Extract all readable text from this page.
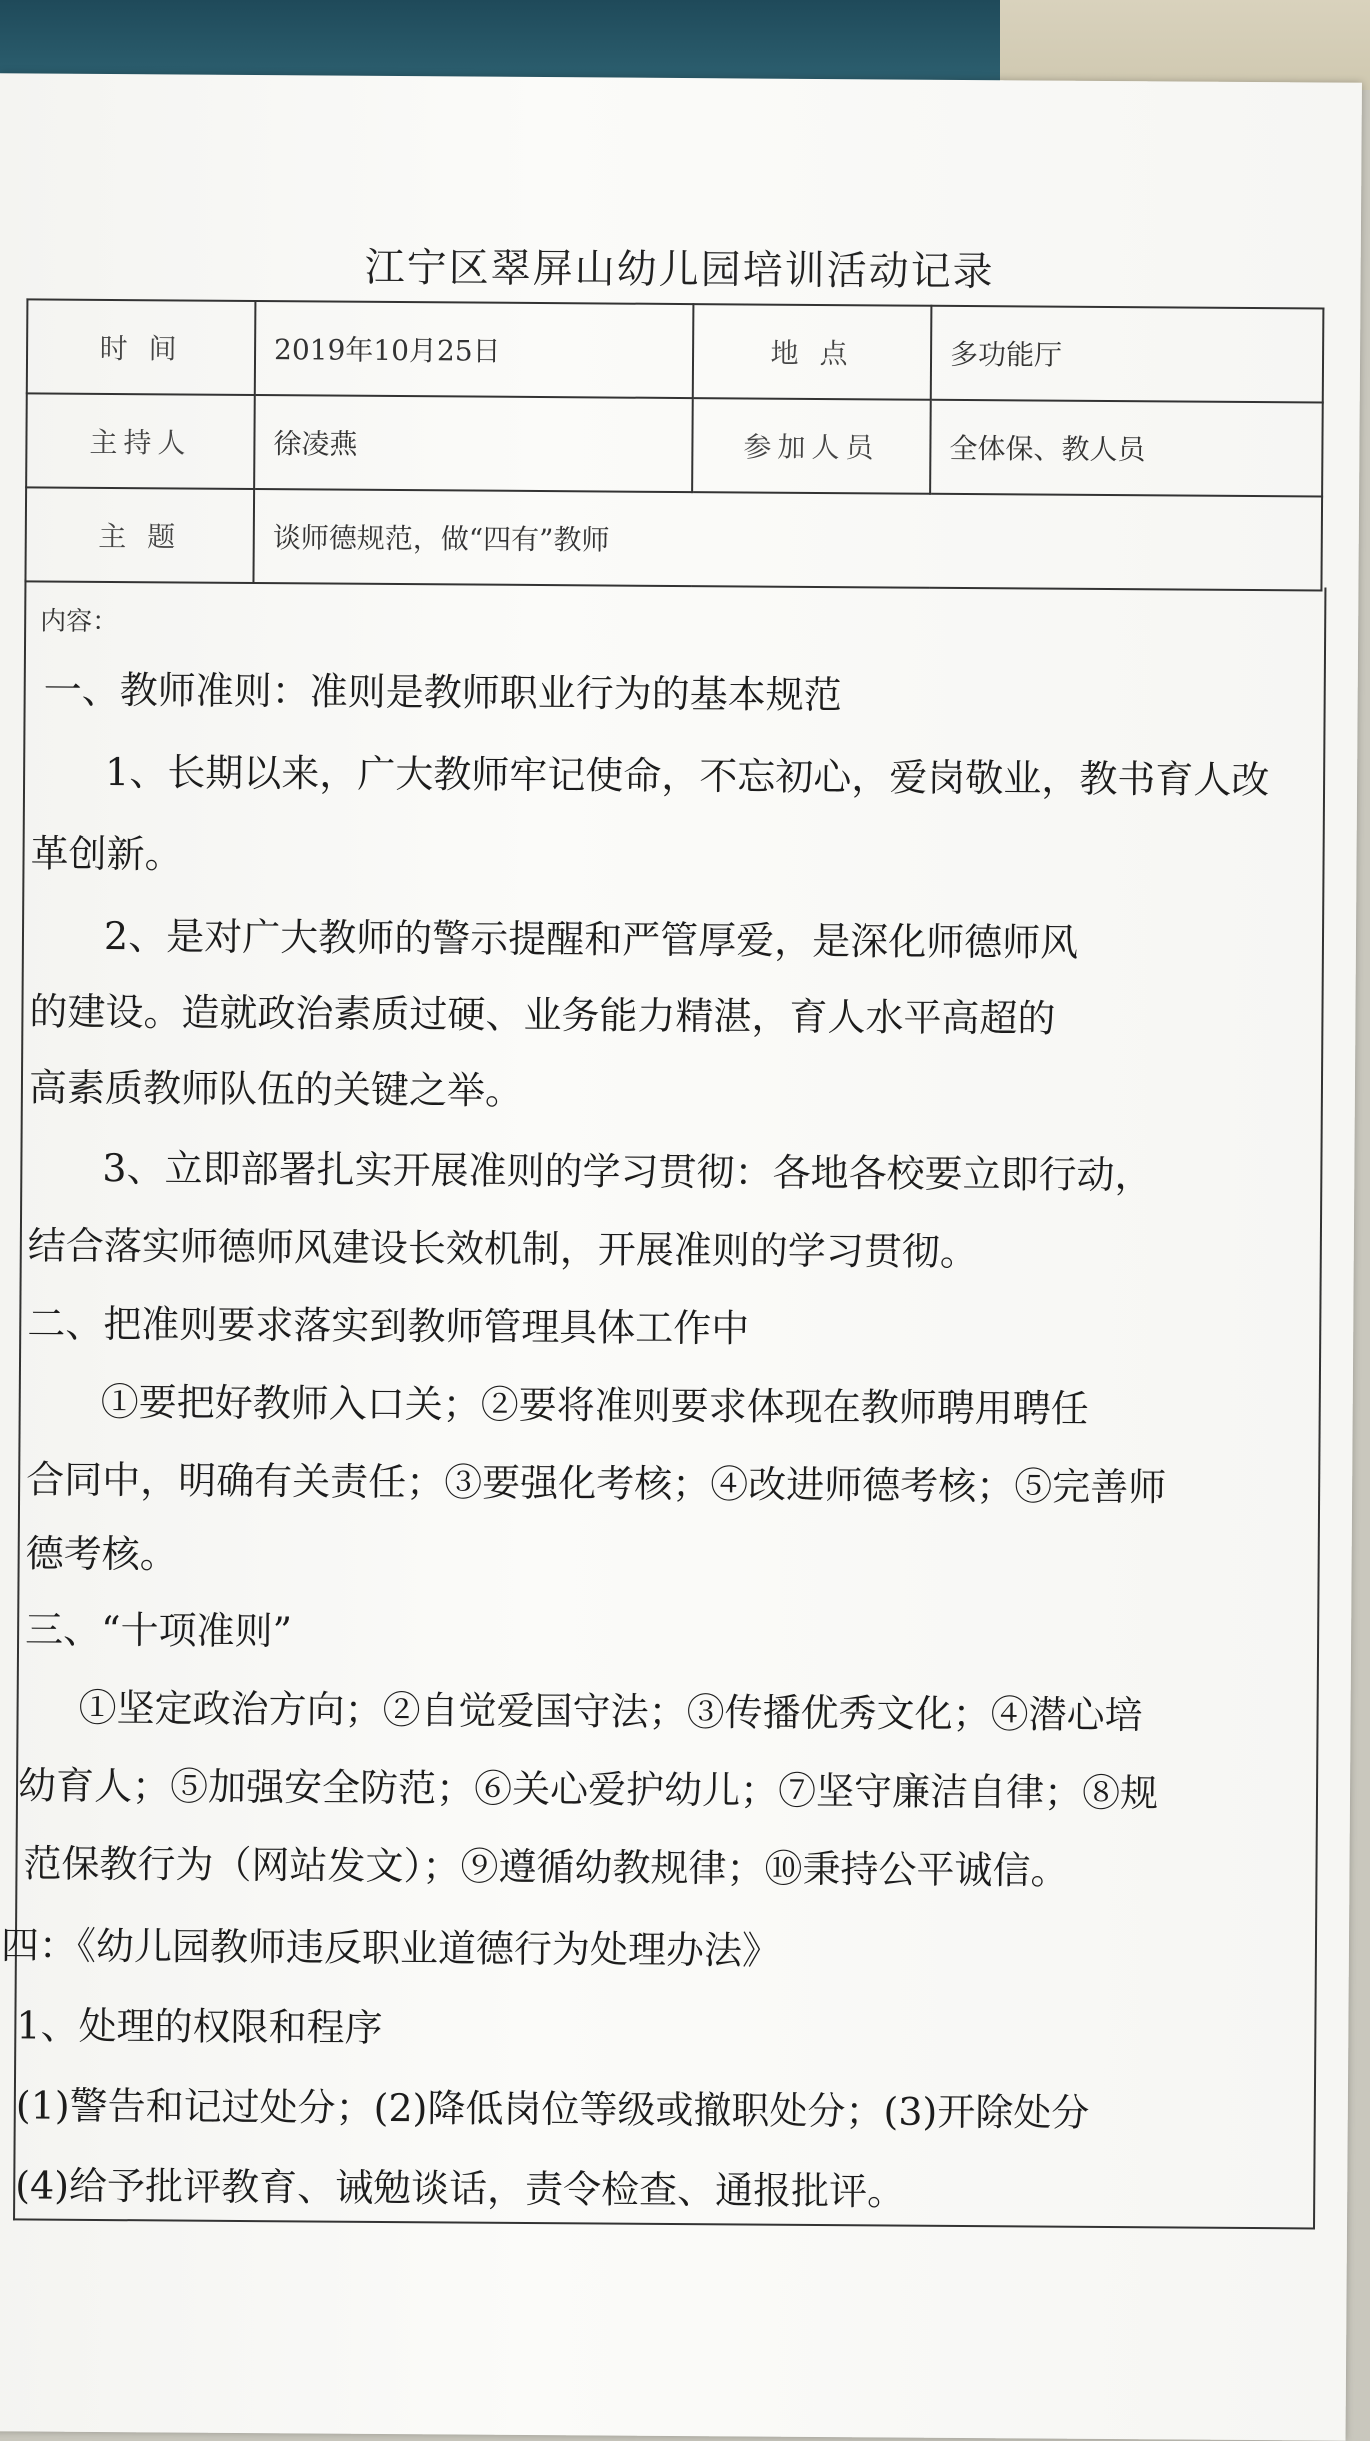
江宁区翠屏山幼儿园培训活动记录
时 间	2019年10月25日	地 点	多功能厅
主持人	徐凌燕	参加人员	全体保、教人员
主 题	谈师德规范，做“四有”教师		
内容：
一、教师准则：准则是教师职业行为的基本规范
1、长期以来，广大教师牢记使命，不忘初心，爱岗敬业，教书育人改
革创新。
2、是对广大教师的警示提醒和严管厚爱，是深化师德师风
的建设。造就政治素质过硬、业务能力精湛，育人水平高超的
高素质教师队伍的关键之举。
3、立即部署扎实开展准则的学习贯彻：各地各校要立即行动，
结合落实师德师风建设长效机制，开展准则的学习贯彻。
二、把准则要求落实到教师管理具体工作中
①要把好教师入口关；②要将准则要求体现在教师聘用聘任
合同中，明确有关责任；③要强化考核；④改进师德考核；⑤完善师
德考核。
三、“十项准则”
①坚定政治方向；②自觉爱国守法；③传播优秀文化；④潜心培
幼育人；⑤加强安全防范；⑥关心爱护幼儿；⑦坚守廉洁自律；⑧规
范保教行为（网站发文）；⑨遵循幼教规律；⑩秉持公平诚信。
四：《幼儿园教师违反职业道德行为处理办法》
1、处理的权限和程序
(1)警告和记过处分；(2)降低岗位等级或撤职处分；(3)开除处分
(4)给予批评教育、诫勉谈话，责令检查、通报批评。
